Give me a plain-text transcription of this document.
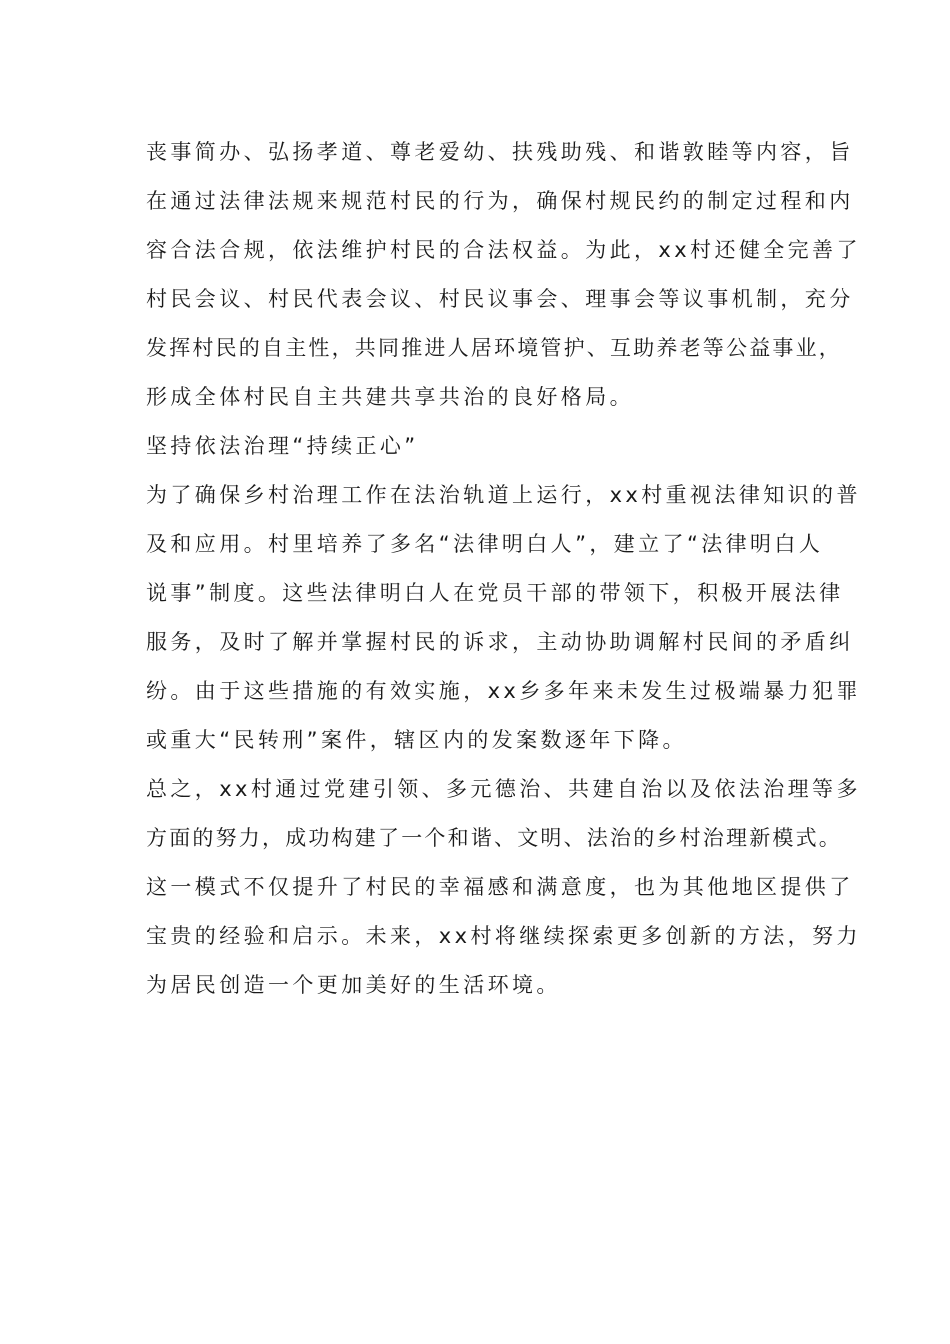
丧事简办、弘扬孝道、尊老爱幼、扶残助残、和谐敦睦等内容，旨
在通过法律法规来规范村民的行为，确保村规民约的制定过程和内
容合法合规，依法维护村民的合法权益。为此，xx村还健全完善了
村民会议、村民代表会议、村民议事会、理事会等议事机制，充分
发挥村民的自主性，共同推进人居环境管护、互助养老等公益事业，
形成全体村民自主共建共享共治的良好格局。
坚持依法治理“持续正心”
为了确保乡村治理工作在法治轨道上运行，xx村重视法律知识的普
及和应用。村里培养了多名“法律明白人”，建立了“法律明白人
说事”制度。这些法律明白人在党员干部的带领下，积极开展法律
服务，及时了解并掌握村民的诉求，主动协助调解村民间的矛盾纠
纷。由于这些措施的有效实施，xx乡多年来未发生过极端暴力犯罪
或重大“民转刑”案件，辖区内的发案数逐年下降。
总之，xx村通过党建引领、多元德治、共建自治以及依法治理等多
方面的努力，成功构建了一个和谐、文明、法治的乡村治理新模式。
这一模式不仅提升了村民的幸福感和满意度，也为其他地区提供了
宝贵的经验和启示。未来，xx村将继续探索更多创新的方法，努力
为居民创造一个更加美好的生活环境。
